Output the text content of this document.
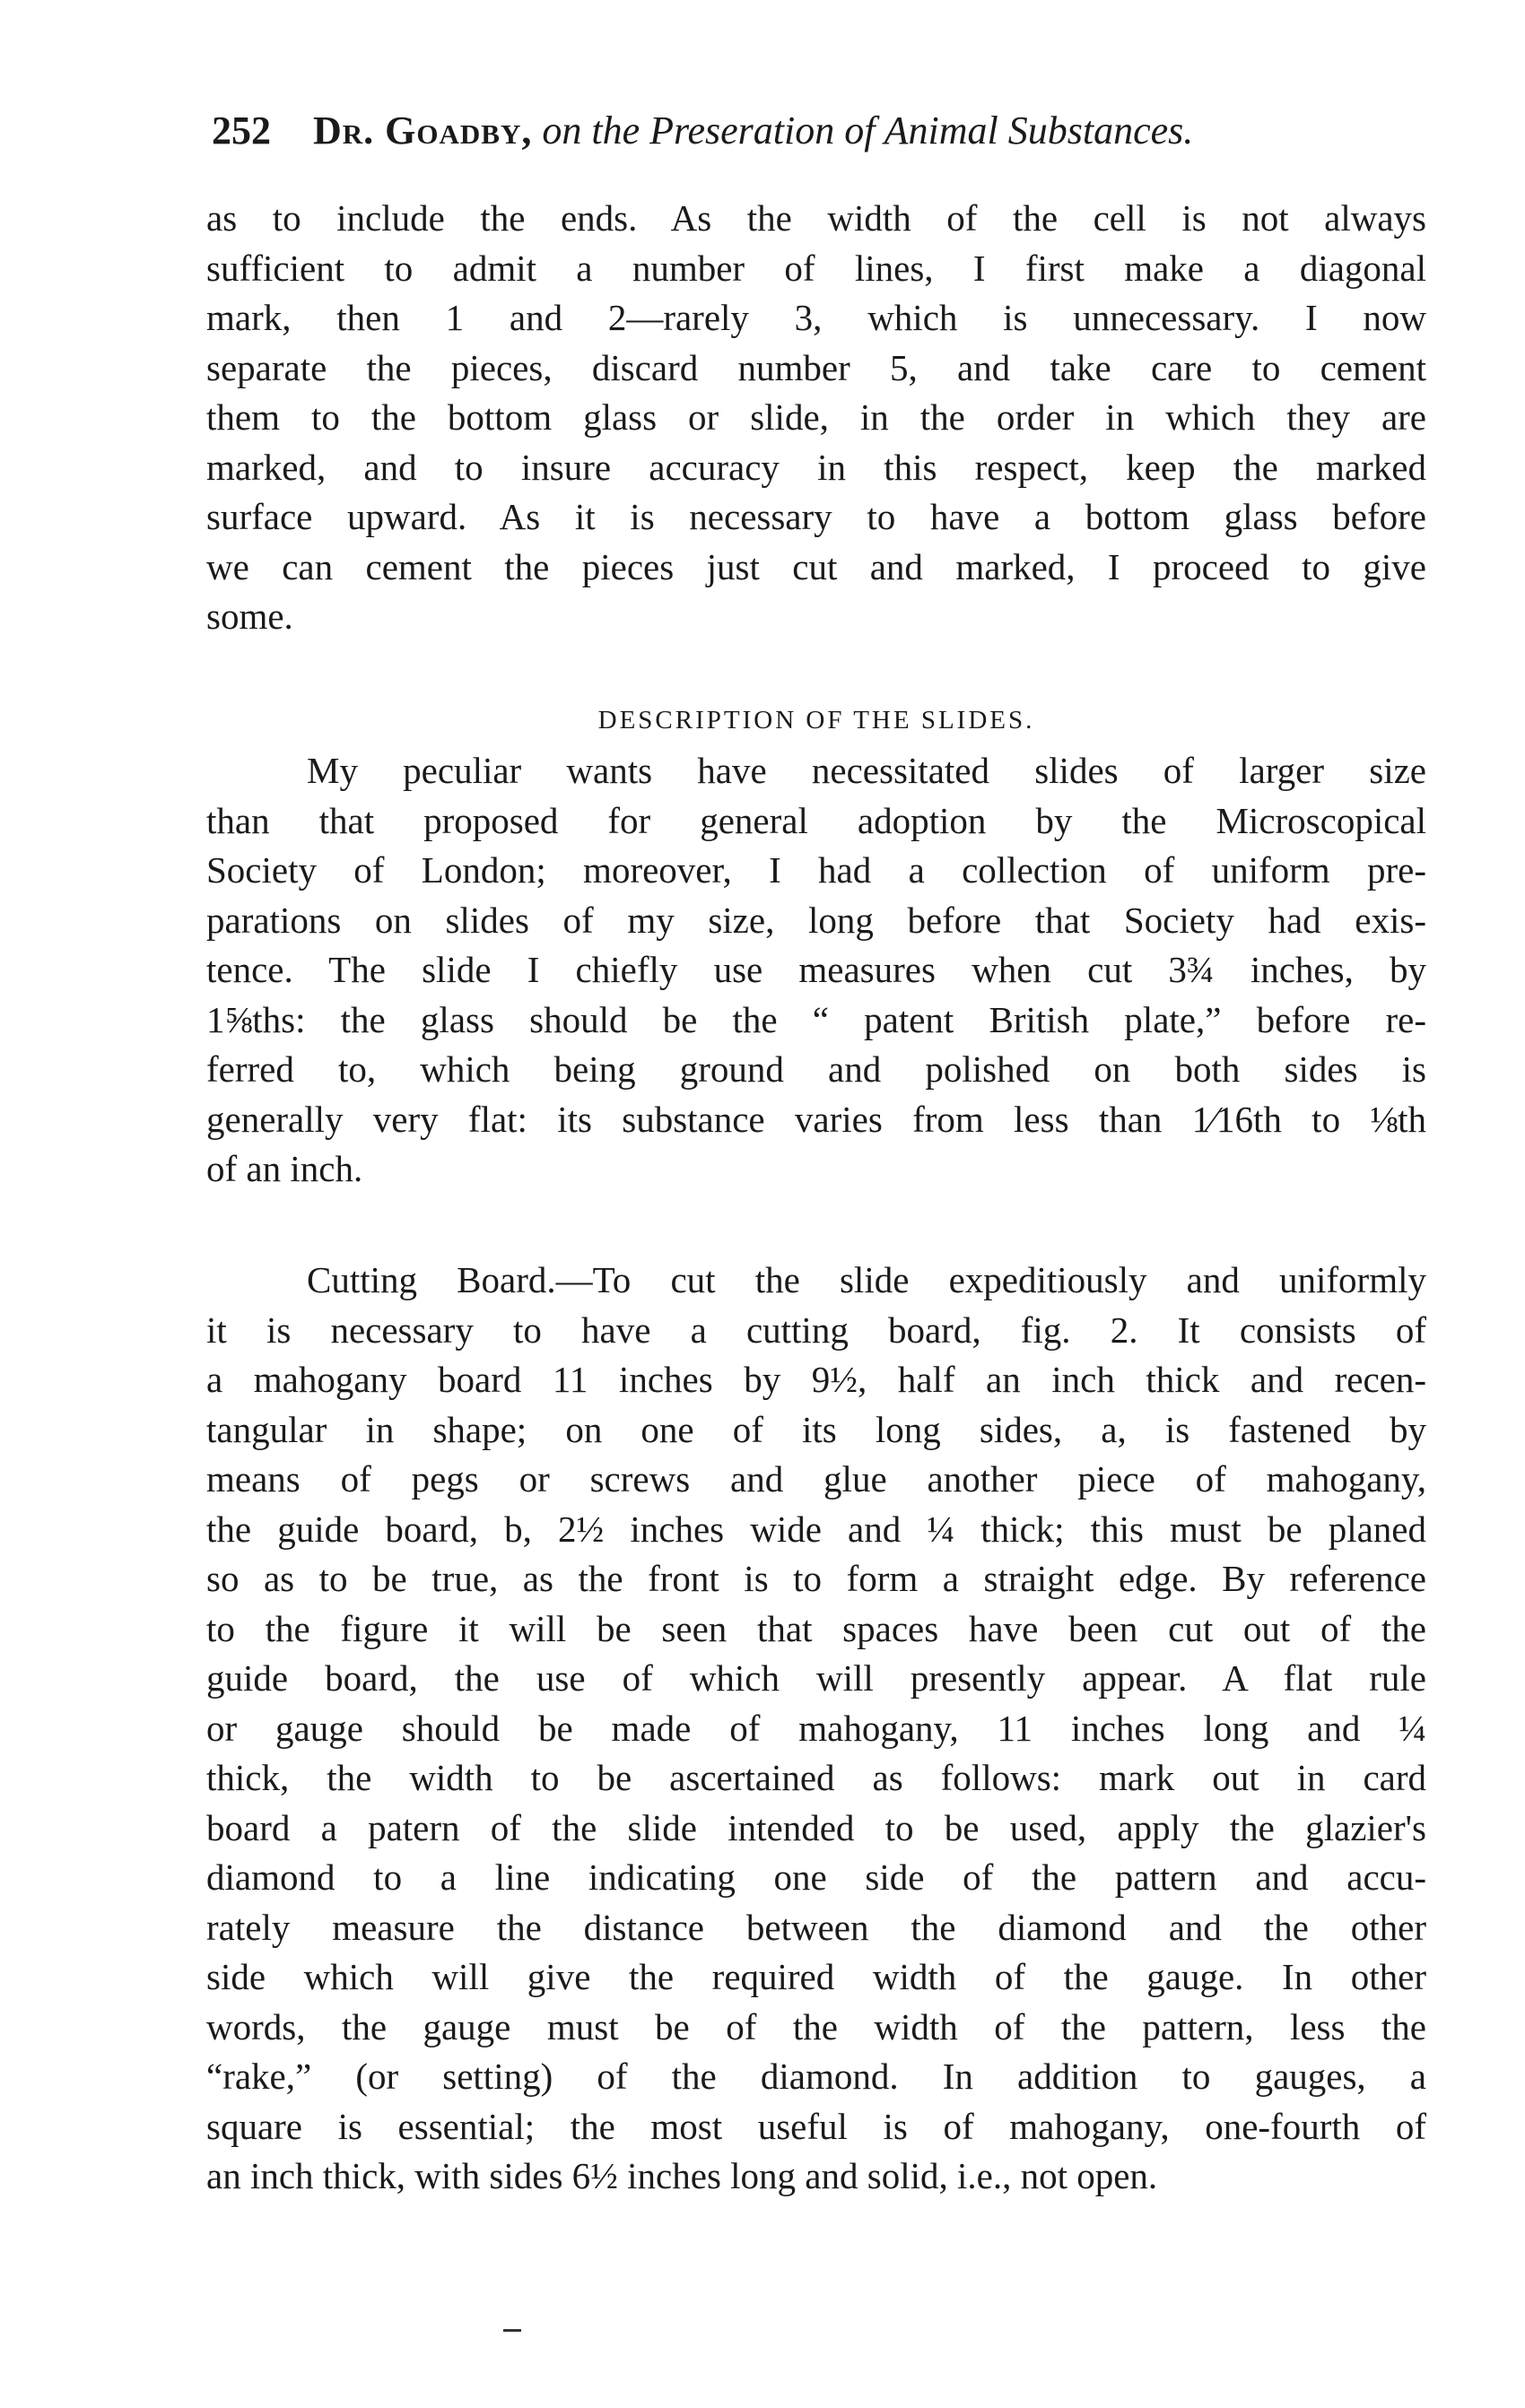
252 Dr. Goadby, on the Preseration of Animal Substances.
as to include the ends. As the width of the cell is not always
sufficient to admit a number of lines, I first make a diagonal
mark, then 1 and 2—rarely 3, which is unnecessary. I now
separate the pieces, discard number 5, and take care to cement
them to the bottom glass or slide, in the order in which they are
marked, and to insure accuracy in this respect, keep the marked
surface upward. As it is necessary to have a bottom glass before
we can cement the pieces just cut and marked, I proceed to give
some.
DESCRIPTION OF THE SLIDES.
My peculiar wants have necessitated slides of larger size
than that proposed for general adoption by the Microscopical
Society of London; moreover, I had a collection of uniform pre-
parations on slides of my size, long before that Society had exis-
tence. The slide I chiefly use measures when cut 3¾ inches, by
1⅝ths: the glass should be the “ patent British plate,” before re-
ferred to, which being ground and polished on both sides is
generally very flat: its substance varies from less than 1⁄16th to ⅛th
of an inch.
Cutting Board.—To cut the slide expeditiously and uniformly
it is necessary to have a cutting board, fig. 2. It consists of
a mahogany board 11 inches by 9½, half an inch thick and recen-
tangular in shape; on one of its long sides, a, is fastened by
means of pegs or screws and glue another piece of mahogany,
the guide board, b, 2½ inches wide and ¼ thick; this must be planed
so as to be true, as the front is to form a straight edge. By reference
to the figure it will be seen that spaces have been cut out of the
guide board, the use of which will presently appear. A flat rule
or gauge should be made of mahogany, 11 inches long and ¼
thick, the width to be ascertained as follows: mark out in card
board a patern of the slide intended to be used, apply the glazier's
diamond to a line indicating one side of the pattern and accu-
rately measure the distance between the diamond and the other
side which will give the required width of the gauge. In other
words, the gauge must be of the width of the pattern, less the
“rake,” (or setting) of the diamond. In addition to gauges, a
square is essential; the most useful is of mahogany, one-fourth of
an inch thick, with sides 6½ inches long and solid, i.e., not open.
